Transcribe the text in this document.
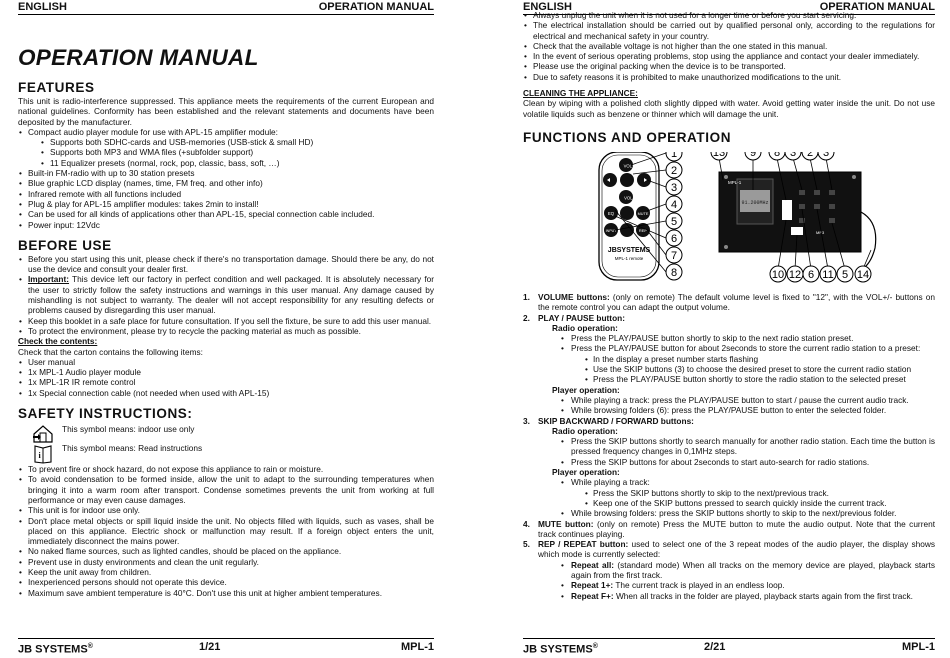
ENGLISH	OPERATION MANUAL
OPERATION MANUAL
FEATURES

This unit is radio-interference suppressed. This appliance meets the requirements of the current European and national guidelines. Conformity has been established and the relevant statements and documents have been deposited by the manufacturer.

• Compact audio player module for use with APL-15 amplifier module:
• Supports both SDHC-cards and USB-memories (USB-stick & small HD)
• Supports both MP3 and WMA files (+subfolder support)
• 11 Equalizer presets (normal, rock, pop, classic, bass, soft, …)
• Built-in FM-radio with up to 30 station presets
• Blue graphic LCD display (names, time, FM freq. and other info)
• Infrared remote with all functions included
• Plug & play for APL-15 amplifier modules: takes 2min to install!
• Can be used for all kinds of applications other than APL-15, special connection cable included.
• Power input: 12Vdc
BEFORE USE
• Before you start using this unit, please check if there's no transportation damage. Should there be any, do not use the device and consult your dealer first.
• Important: This device left our factory in perfect condition and well packaged. It is absolutely necessary for the user to strictly follow the safety instructions and warnings in this user manual. Any damage caused by mishandling is not subject to warranty. The dealer will not accept responsibility for any resulting defects or problems caused by disregarding this user manual.
• Keep this booklet in a safe place for future consultation. If you sell the fixture, be sure to add this user manual.
• To protect the environment, please try to recycle the packing material as much as possible.

Check the contents:

Check that the carton contains the following items:

• User manual
• 1x MPL-1 Audio player module
• 1x MPL-1R IR remote control
• 1x Special connection cable (not needed when used with APL-15)
SAFETY INSTRUCTIONS:
i
This symbol means: indoor use only
This symbol means: Read instructions
• To prevent fire or shock hazard, do not expose this appliance to rain or moisture.
• To avoid condensation to be formed inside, allow the unit to adapt to the surrounding temperatures when bringing it into a warm room after transport. Condense sometimes prevents the unit from working at full performance or may even cause damages.
• This unit is for indoor use only.
• Don't place metal objects or spill liquid inside the unit. No objects filled with liquids, such as vases, shall be placed on this appliance. Electric shock or malfunction may result. If a foreign object enters the unit, immediately disconnect the mains power.
• No naked flame sources, such as lighted candles, should be placed on the appliance.
• Prevent use in dusty environments and clean the unit regularly.
• Keep the unit away from children.
• Inexperienced persons should not operate this device.
• Maximum save ambient temperature is 40°C. Don't use this unit at higher ambient temperatures.
JB SYSTEMS®	1/21	MPL-1
ENGLISH	OPERATION MANUAL
• Always unplug the unit when it is not used for a longer time or before you start servicing.
• The electrical installation should be carried out by qualified personal only, according to the regulations for electrical and mechanical safety in your country.
• Check that the available voltage is not higher than the one stated in this manual.
• In the event of serious operating problems, stop using the appliance and contact your dealer immediately.
• Please use the original packing when the device is to be transported.
• Due to safety reasons it is prohibited to make unauthorized modifications to the unit.

CLEANING THE APPLIANCE:

Clean by wiping with a polished cloth slightly dipped with water. Avoid getting water inside the unit. Do not use volatile liquids such as benzene or thinner which will damage the unit.

FUNCTIONS AND OPERATION
VOL+
VOL-
EQ	MUTE
INPUT	REP
JBSYSTEMS
MPL-1 remote
1
2
3
4
5
6
7
8
91.200MHz
MPL-1
MP3
13 9 8 3 2 3
10 12 6 11 5 14
1. VOLUME buttons: (only on remote) The default volume level is fixed to "12", with the VOL+/- buttons on the remote control you can adapt the output volume.
2. PLAY / PAUSE button:
Radio operation:
• Press the PLAY/PAUSE button shortly to skip to the next radio station preset.
• Press the PLAY/PAUSE button for about 2seconds to store the current radio station to a preset:
• In the display a preset number starts flashing
• Use the SKIP buttons (3) to choose the desired preset to store the current radio station
• Press the PLAY/PAUSE button shortly to store the radio station to the selected preset
Player operation:
• While playing a track: press the PLAY/PAUSE button to start / pause the current audio track.
• While browsing folders (6): press the PLAY/PAUSE button to enter the selected folder.
3. SKIP BACKWARD / FORWARD buttons:
Radio operation:
• Press the SKIP buttons shortly to search manually for another radio station. Each time the button is pressed frequency changes in 0,1MHz steps.
• Press the SKIP buttons for about 2seconds to start auto-search for radio stations.
Player operation:
• While playing a track:
• Press the SKIP buttons shortly to skip to the next/previous track.
• Keep one of the SKIP buttons pressed to search quickly inside the current track.
• While browsing folders: press the SKIP buttons shortly to skip to the next/previous folder.
4. MUTE button: (only on remote) Press the MUTE button to mute the audio output. Note that the current track continues playing.
5. REP / REPEAT button: used to select one of the 3 repeat modes of the audio player, the display shows which mode is currently selected:
• Repeat all: (standard mode) When all tracks on the memory device are played, playback starts again from the first track.
• Repeat 1+: The current track is played in an endless loop.
• Repeat F+: When all tracks in the folder are played, playback starts again from the first track.
JB SYSTEMS®	2/21	MPL-1
